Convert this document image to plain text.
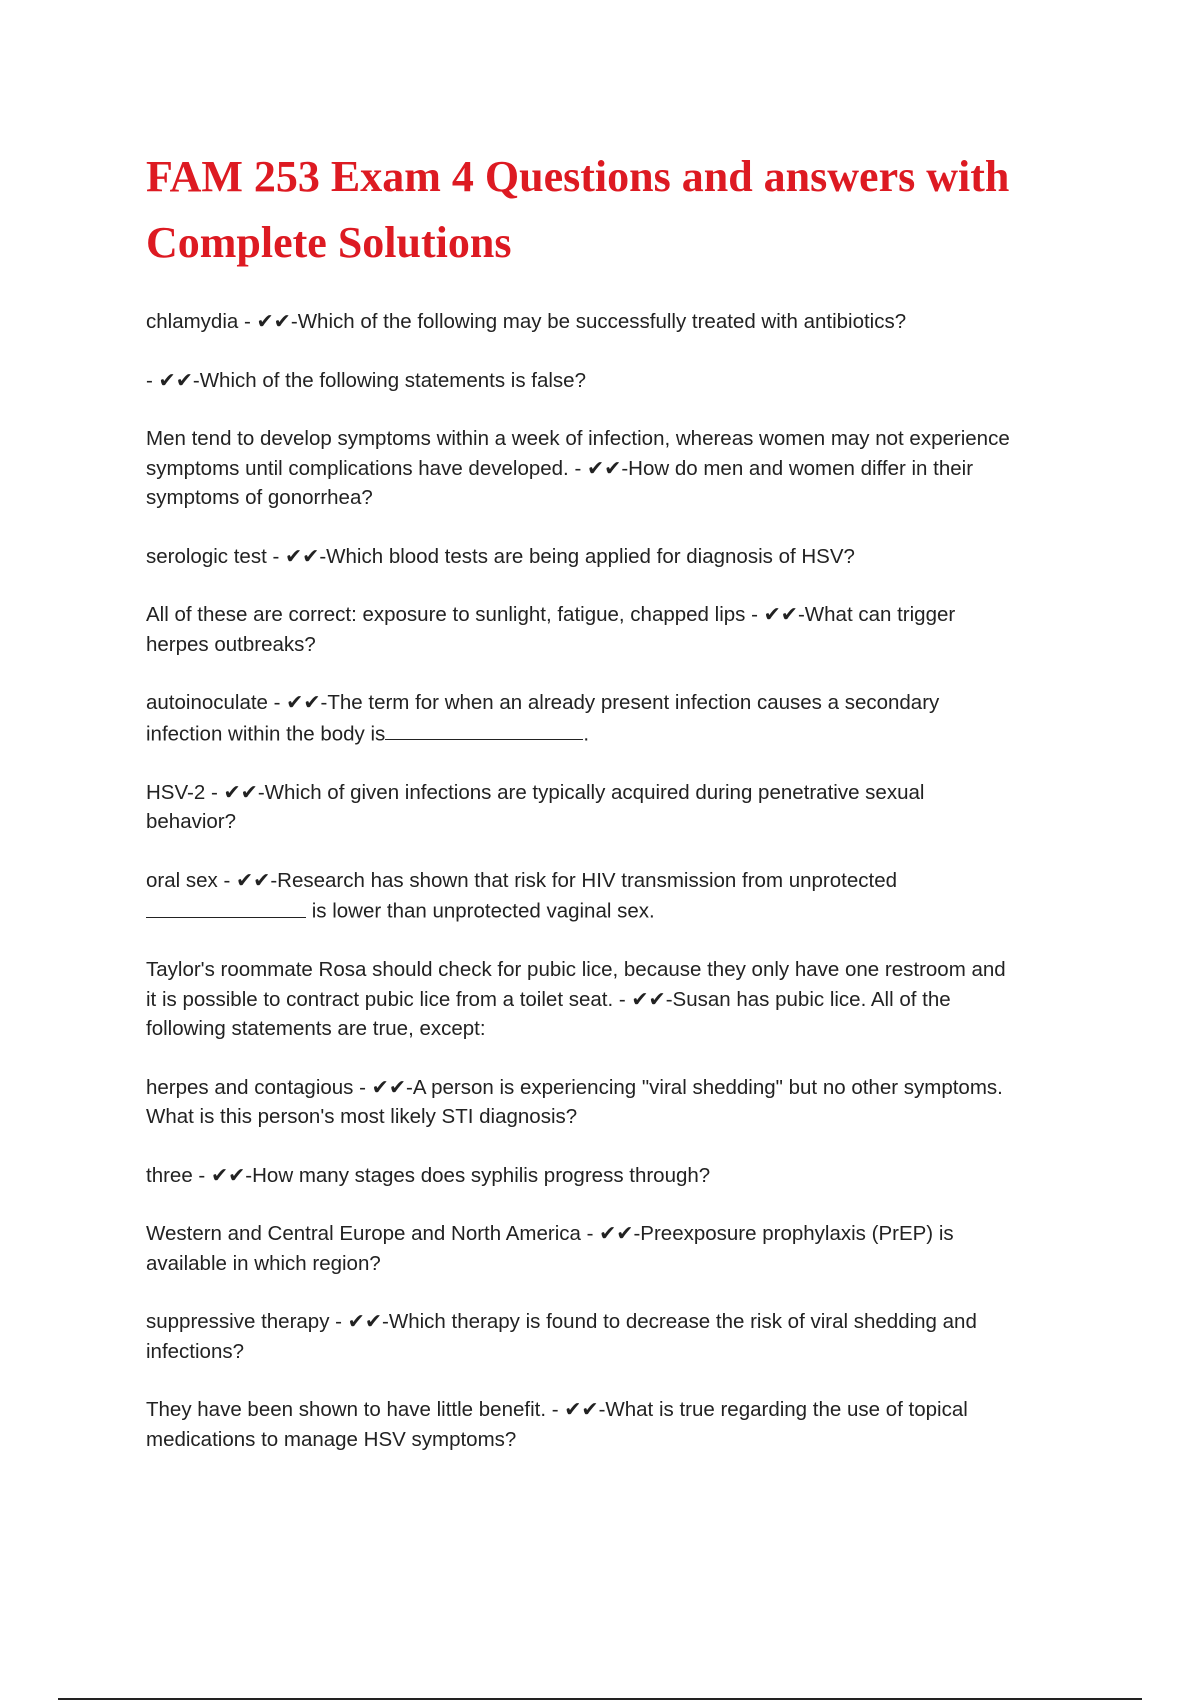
FAM 253 Exam 4 Questions and answers with
Complete Solutions
chlamydia - ✔✔-Which of the following may be successfully treated with antibiotics?
- ✔✔-Which of the following statements is false?
Men tend to develop symptoms within a week of infection, whereas women may not experience
symptoms until complications have developed. - ✔✔-How do men and women differ in their
symptoms of gonorrhea?
serologic test - ✔✔-Which blood tests are being applied for diagnosis of HSV?
All of these are correct: exposure to sunlight, fatigue, chapped lips - ✔✔-What can trigger
herpes outbreaks?
autoinoculate - ✔✔-The term for when an already present infection causes a secondary
infection within the body is	.
HSV-2 - ✔✔-Which of given infections are typically acquired during penetrative sexual
behavior?
oral sex - ✔✔-Research has shown that risk for HIV transmission from unprotected
is lower than unprotected vaginal sex.
Taylor's roommate Rosa should check for pubic lice, because they only have one restroom and
it is possible to contract pubic lice from a toilet seat. - ✔✔-Susan has pubic lice. All of the
following statements are true, except:
herpes and contagious - ✔✔-A person is experiencing "viral shedding" but no other symptoms.
What is this person's most likely STI diagnosis?
three - ✔✔-How many stages does syphilis progress through?
Western and Central Europe and North America - ✔✔-Preexposure prophylaxis (PrEP) is
available in which region?
suppressive therapy - ✔✔-Which therapy is found to decrease the risk of viral shedding and
infections?
They have been shown to have little benefit. - ✔✔-What is true regarding the use of topical
medications to manage HSV symptoms?
